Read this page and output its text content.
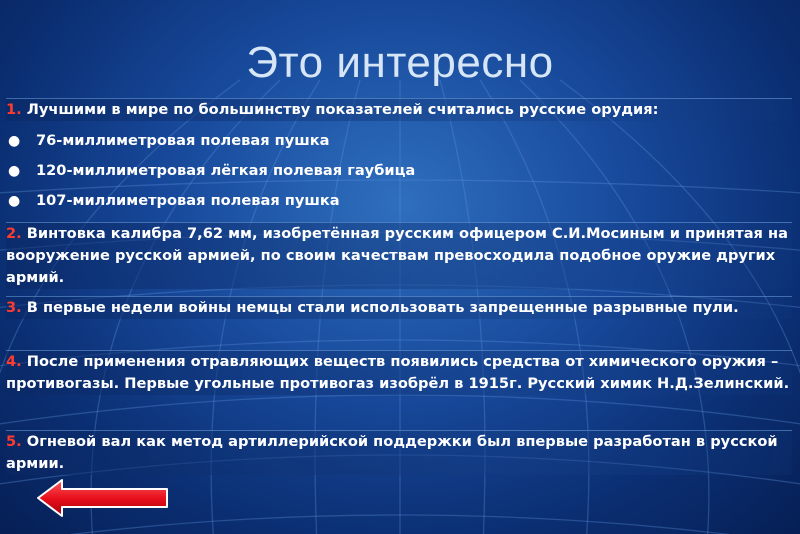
Это интересно
1. Лучшими в мире по большинству показателей считались русские орудия:
● 76-миллиметровая полевая пушка
● 120-миллиметровая лёгкая полевая гаубица
● 107-миллиметровая полевая пушка
2. Винтовка калибра 7,62 мм, изобретённая русским офицером С.И.Мосиным и принятая на вооружение русской армией, по своим качествам превосходила подобное оружие других армий.
3. В первые недели войны немцы стали использовать запрещенные разрывные пули.
4. После применения отравляющих веществ появились средства от химического оружия – противогазы. Первые угольные противогаз изобрёл в 1915г. Русский химик Н.Д.Зелинский.
5. Огневой вал как метод артиллерийской поддержки был впервые разработан в русской армии.
